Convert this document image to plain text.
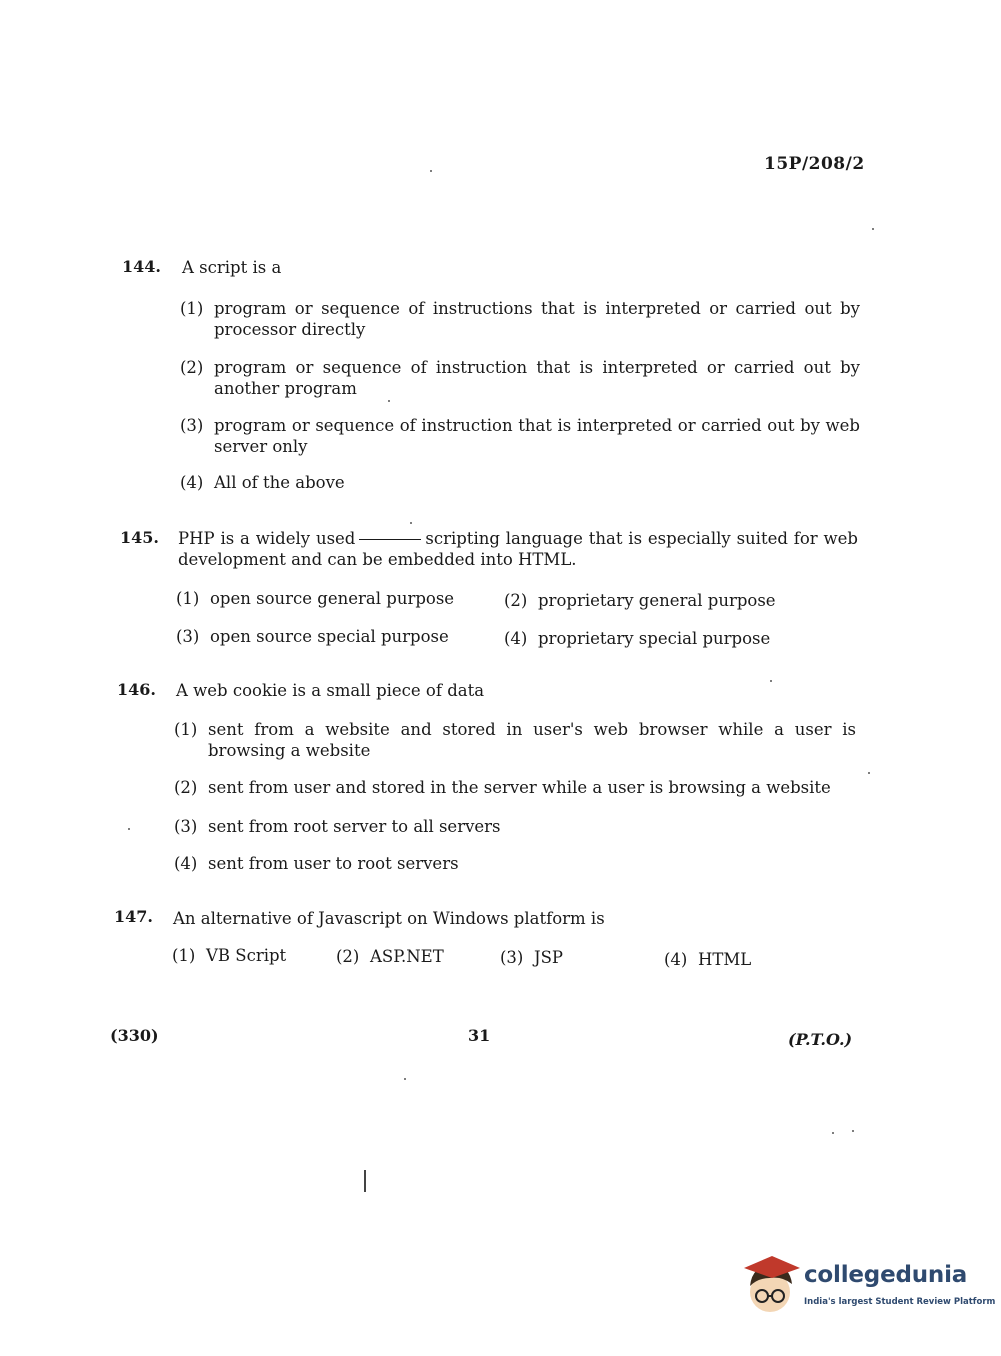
15P/208/2
144. A script is a
(1) program or sequence of instructions that is interpreted or carried out by processor directly
(2) program or sequence of instruction that is interpreted or carried out by another program
(3) program or sequence of instruction that is interpreted or carried out by web server only
(4) All of the above
145. PHP is a widely used	scripting language that is especially suited for web development and can be embedded into HTML.
(1) open source general purpose	(2) proprietary general purpose
(3) open source special purpose	(4) proprietary special purpose
146. A web cookie is a small piece of data
(1) sent from a website and stored in user's web browser while a user is browsing a website
(2) sent from user and stored in the server while a user is browsing a website
(3) sent from root server to all servers
(4) sent from user to root servers
147. An alternative of Javascript on Windows platform is
(1) VB Script	(2) ASP.NET	(3) JSP	(4) HTML
(330)	31	(P.T.O.)
collegedunia
India's largest Student Review Platform
